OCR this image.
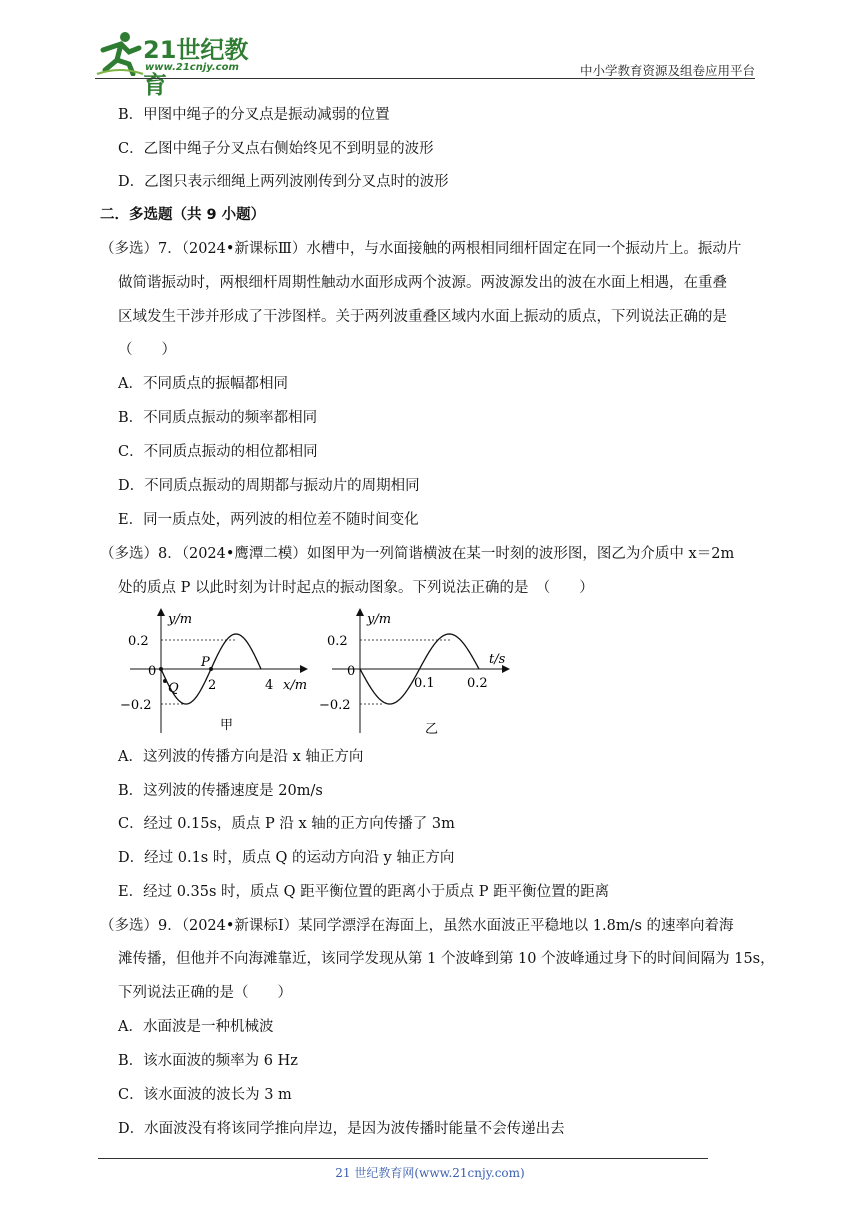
21世纪教育
www.21cnjy.com	中小学教育资源及组卷应用平台
B．甲图中绳子的分叉点是振动减弱的位置
C．乙图中绳子分叉点右侧始终见不到明显的波形
D．乙图只表示细绳上两列波刚传到分叉点时的波形
二．多选题（共 9 小题）
（多选）7．（2024•新课标Ⅲ）水槽中，与水面接触的两根相同细杆固定在同一个振动片上。振动片
做简谐振动时，两根细杆周期性触动水面形成两个波源。两波源发出的波在水面上相遇，在重叠
区域发生干涉并形成了干涉图样。关于两列波重叠区域内水面上振动的质点，下列说法正确的是
（　　）
A．不同质点的振幅都相同
B．不同质点振动的频率都相同
C．不同质点振动的相位都相同
D．不同质点振动的周期都与振动片的周期相同
E．同一质点处，两列波的相位差不随时间变化
（多选）8．（2024•鹰潭二模）如图甲为一列简谐横波在某一时刻的波形图，图乙为介质中 x＝2m
处的质点 P 以此时刻为计时起点的振动图象。下列说法正确的是　（　　）
y/m
0.2
0
−0.2
2	4 x/m
P
Q
甲
y/m
0.2
0
−0.2
0.1 0.2
t/s
乙
A．这列波的传播方向是沿 x 轴正方向
B．这列波的传播速度是 20m/s
C．经过 0.15s，质点 P 沿 x 轴的正方向传播了 3m
D．经过 0.1s 时，质点 Q 的运动方向沿 y 轴正方向
E．经过 0.35s 时，质点 Q 距平衡位置的距离小于质点 P 距平衡位置的距离
（多选）9．（2024•新课标Ⅰ）某同学漂浮在海面上，虽然水面波正平稳地以 1.8m/s 的速率向着海
滩传播，但他并不向海滩靠近，该同学发现从第 1 个波峰到第 10 个波峰通过身下的时间间隔为 15s，
下列说法正确的是（　　）
A．水面波是一种机械波
B．该水面波的频率为 6 Hz
C．该水面波的波长为 3 m
D．水面波没有将该同学推向岸边，是因为波传播时能量不会传递出去
21 世纪教育网(www.21cnjy.com)
